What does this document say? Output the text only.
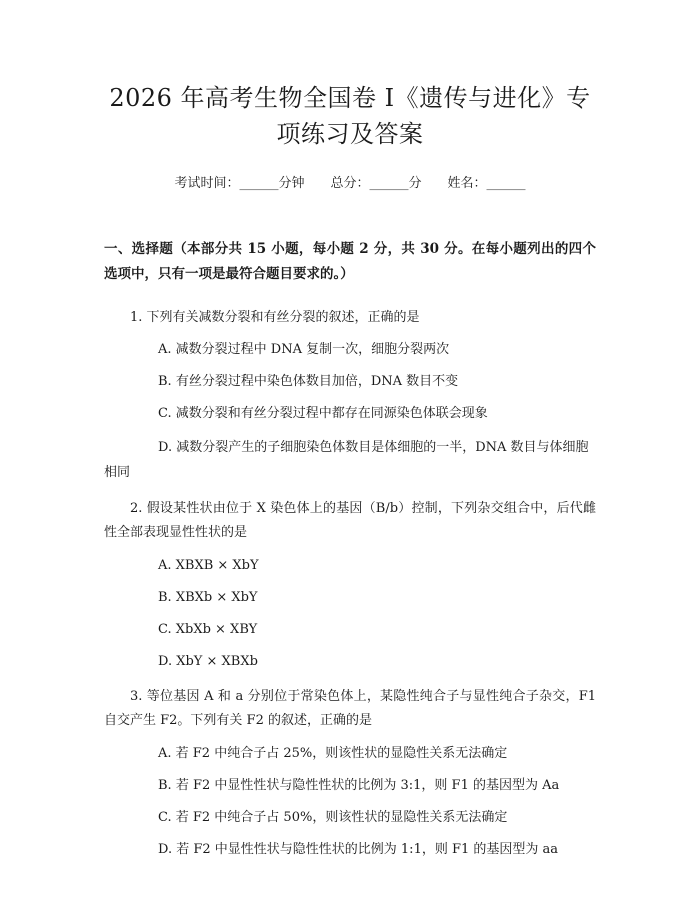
2026 年高考生物全国卷 I《遗传与进化》专项练习及答案
考试时间：______分钟 总分：______分 姓名：______
一、选择题（本部分共 15 小题，每小题 2 分，共 30 分。在每小题列出的四个选项中，只有一项是最符合题目要求的。）
1. 下列有关减数分裂和有丝分裂的叙述，正确的是
A. 减数分裂过程中 DNA 复制一次，细胞分裂两次
B. 有丝分裂过程中染色体数目加倍，DNA 数目不变
C. 减数分裂和有丝分裂过程中都存在同源染色体联会现象
D. 减数分裂产生的子细胞染色体数目是体细胞的一半，DNA 数目与体细胞相同
2. 假设某性状由位于 X 染色体上的基因（B/b）控制，下列杂交组合中，后代雌性全部表现显性性状的是
A. XBXB × XbY
B. XBXb × XbY
C. XbXb × XBY
D. XbY × XBXb
3. 等位基因 A 和 a 分别位于常染色体上，某隐性纯合子与显性纯合子杂交，F1 自交产生 F2。下列有关 F2 的叙述，正确的是
A. 若 F2 中纯合子占 25%，则该性状的显隐性关系无法确定
B. 若 F2 中显性性状与隐性性状的比例为 3:1，则 F1 的基因型为 Aa
C. 若 F2 中纯合子占 50%，则该性状的显隐性关系无法确定
D. 若 F2 中显性性状与隐性性状的比例为 1:1，则 F1 的基因型为 aa
